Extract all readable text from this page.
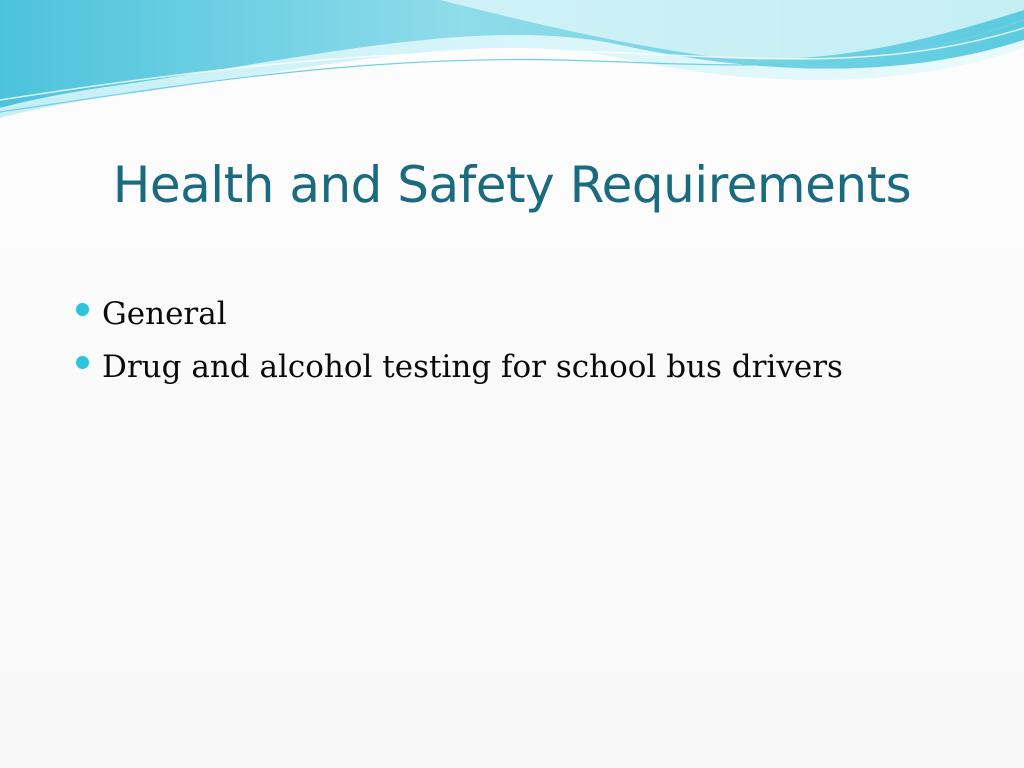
Health and Safety Requirements
General
Drug and alcohol testing for school bus drivers
